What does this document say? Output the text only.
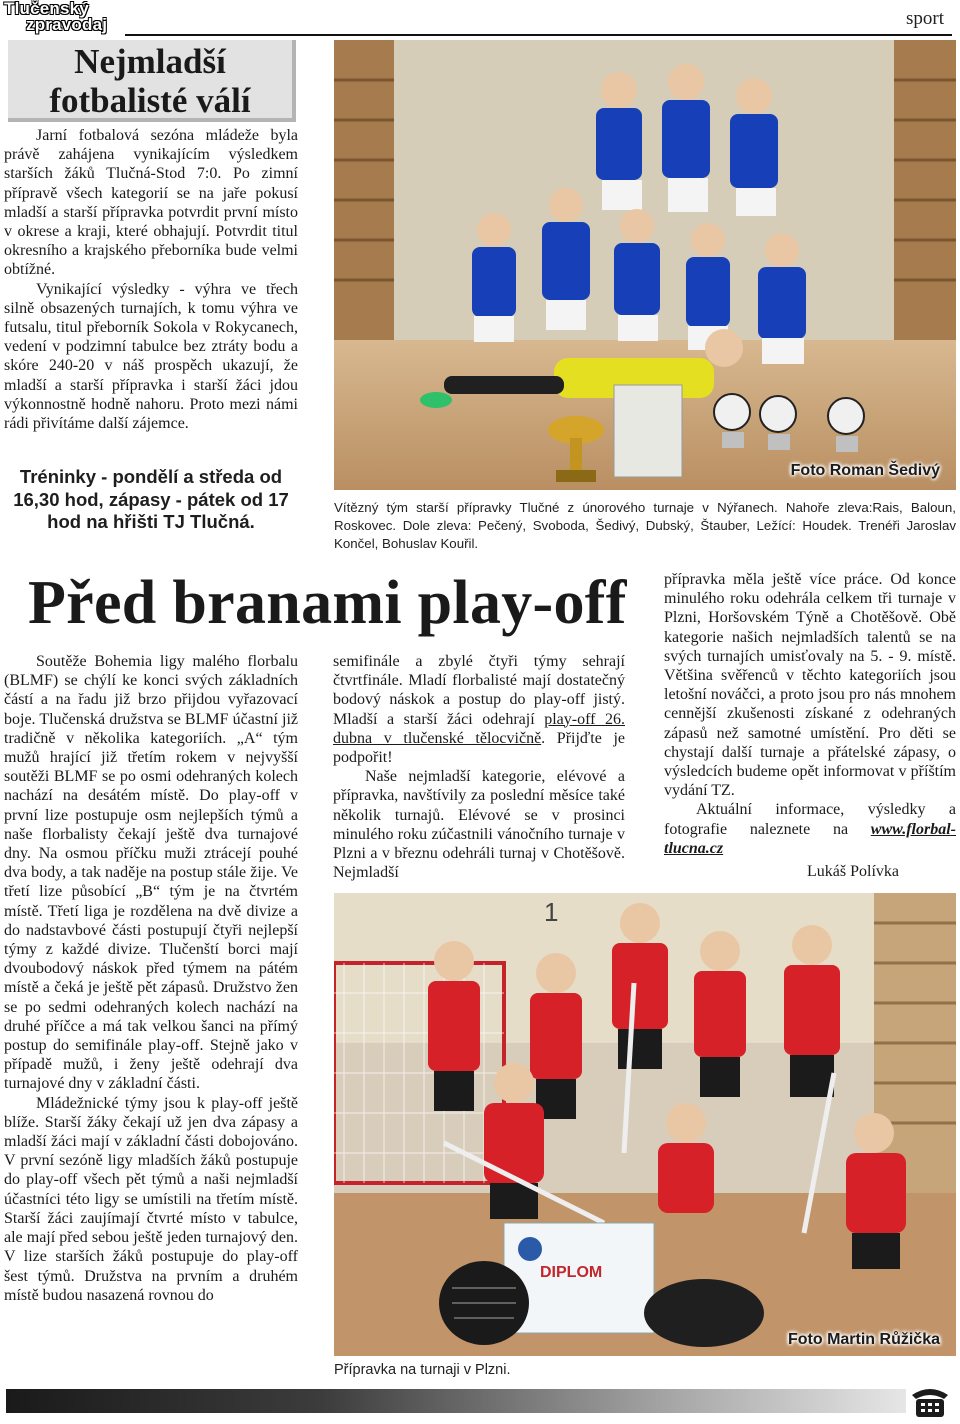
Tlučenský
zpravodaj	sport
Nejmladší
fotbalisté válí

Jarní fotbalová sezóna mládeže byla právě zahájena vynikajícím výsledkem starších žáků Tlučná-Stod 7:0. Po zimní přípravě všech kategorií se na jaře pokusí mladší a starší přípravka potvrdit první místo v okrese a kraji, které obhajují. Potvrdit titul okresního a krajského přeborníka bude velmi obtížné.

Vynikající výsledky - výhra ve třech silně obsazených turnajích, k tomu výhra ve futsalu, titul přeborník Sokola v Rokycanech, vedení v podzimní tabulce bez ztráty bodu a skóre 240-20 v náš prospěch ukazují, že mladší a starší přípravka i starší žáci jdou výkonnostně hodně nahoru. Proto mezi námi rádi přivítáme další zájemce.

Tréninky - pondělí a středa od 16,30 hod, zápasy - pátek od 17 hod na hřišti TJ Tlučná.
Foto Roman Šedivý
Vítězný tým starší přípravky Tlučné z únorového turnaje v Nýřanech. Nahoře zleva:Rais, Baloun, Roskovec. Dole zleva: Pečený, Svoboda, Šedivý, Dubský, Štauber, Ležící: Houdek. Trenéři Jaroslav Končel, Bohuslav Kouřil.
Před branami play-off

Soutěže Bohemia ligy malého florbalu (BLMF) se chýlí ke konci svých základních částí a na řadu již brzo přijdou vyřazovací boje. Tlučenská družstva se BLMF účastní již tradičně v několika kategoriích. „A“ tým mužů hrající již třetím rokem v nejvyšší soutěži BLMF se po osmi odehraných kolech nachází na desátém místě. Do play-off v první lize postupuje osm nejlepších týmů a naše florbalisty čekají ještě dva turnajové dny. Na osmou příčku muži ztrácejí pouhé dva body, a tak naděje na postup stále žije. Ve třetí lize působící „B“ tým je na čtvrtém místě. Třetí liga je rozdělena na dvě divize a do nadstavbové části postupují čtyři nejlepší týmy z každé divize. Tlučenští borci mají dvoubodový náskok před týmem na pátém místě a čeká je ještě pět zápasů. Družstvo žen se po sedmi odehraných kolech nachází na druhé příčce a má tak velkou šanci na přímý postup do semifinále play-off. Stejně jako v případě mužů, i ženy ještě odehrají dva turnajové dny v základní části.

Mládežnické týmy jsou k play-off ještě blíže. Starší žáky čekají už jen dva zápasy a mladší žáci mají v základní části dobojováno. V první sezóně ligy mladších žáků postupuje do play-off všech pět týmů a naši nejmladší účastníci této ligy se umístili na třetím místě. Starší žáci zaujímají čtvrté místo v tabulce, ale mají před sebou ještě jeden turnajový den. V lize starších žáků postupuje do play-off šest týmů. Družstva na prvním a druhém místě budou nasazená rovnou do

semifinále a zbylé čtyři týmy sehrají čtvrtfinále. Mladí florbalisté mají dostatečný bodový náskok a postup do play-off jistý. Mladší a starší žáci odehrají play-off 26. dubna v tlučenské tělocvičně. Přijďte je podpořit!

Naše nejmladší kategorie, elévové a přípravka, navštívily za poslední měsíce také několik turnajů. Elévové se v prosinci minulého roku zúčastnili vánočního turnaje v Plzni a v březnu odehráli turnaj v Chotěšově. Nejmladší

přípravka měla ještě více práce. Od konce minulého roku odehrála celkem tři turnaje v Plzni, Horšovském Týně a Chotěšově. Obě kategorie našich nejmladších talentů se na svých turnajích umisťovaly na 5. - 9. místě. Většina svěřenců v těchto kategoriích jsou letošní nováčci, a proto jsou pro nás mnohem cennější zkušenosti získané z odehraných zápasů než samotné umístění. Pro děti se chystají další turnaje a přátelské zápasy, o výsledcích budeme opět informovat v příštím vydání TZ.

Aktuální informace, výsledky a fotografie naleznete na www.florbal-tlucna.cz

Lukáš Polívka
1
DIPLOM
Foto Martin Růžička
Přípravka na turnaji v Plzni.
